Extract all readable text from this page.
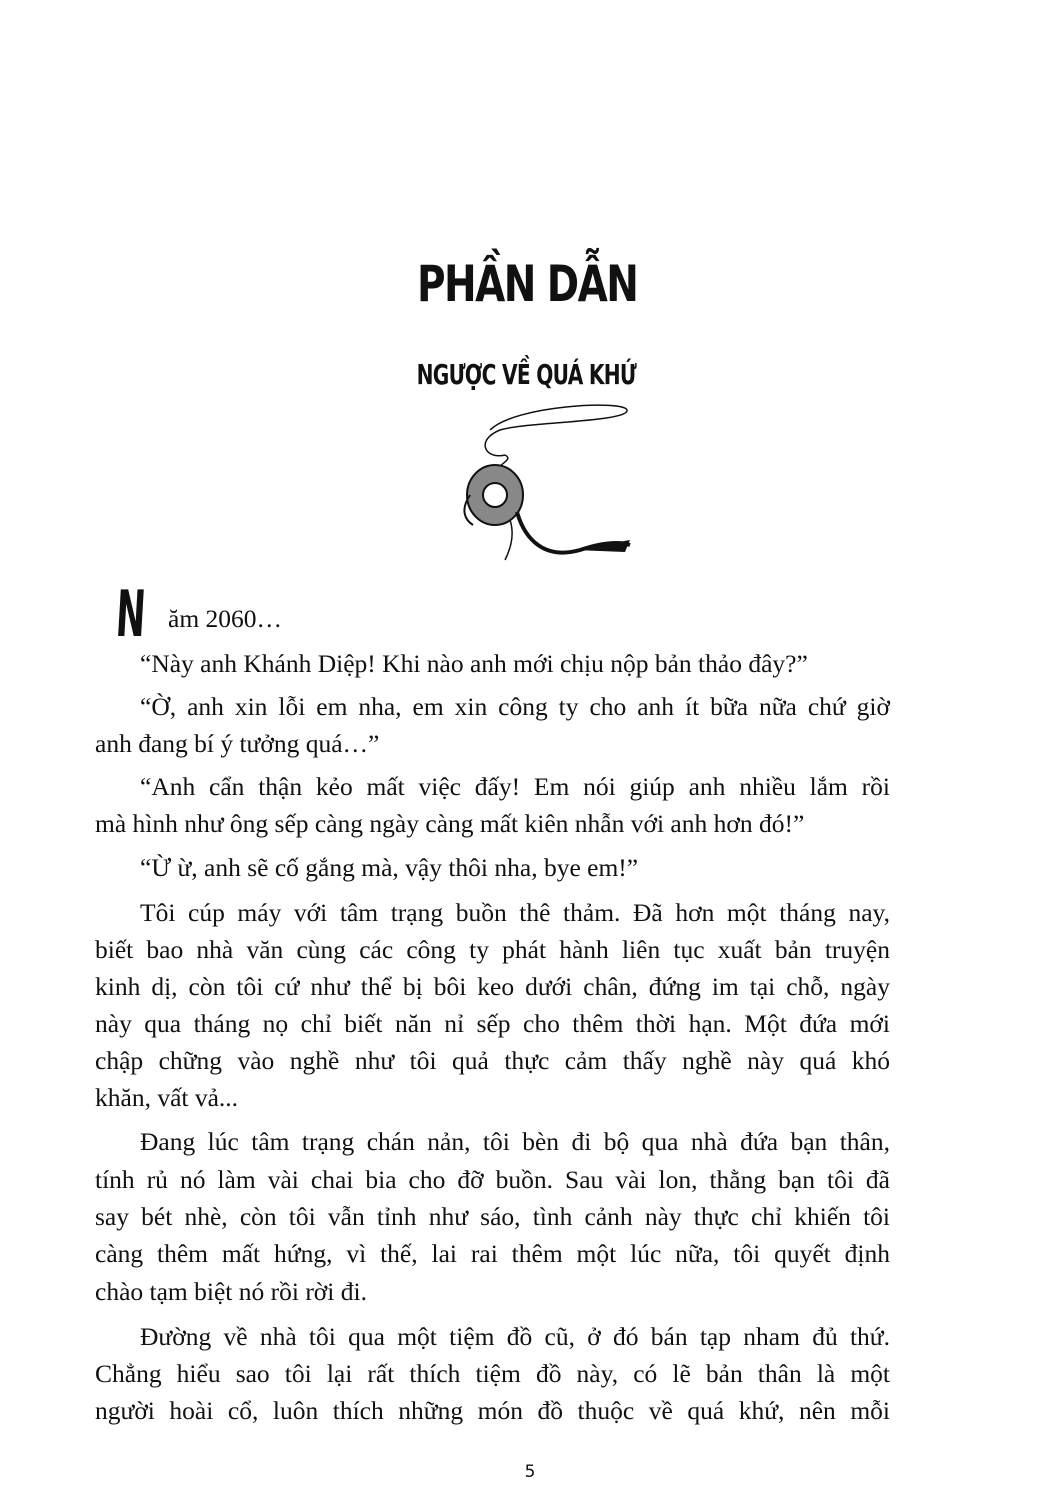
PHẦN DẪN
NGƯỢC VỀ QUÁ KHỨ
N ăm 2060…
“Này anh Khánh Diệp! Khi nào anh mới chịu nộp bản thảo đây?”
“Ờ, anh xin lỗi em nha, em xin công ty cho anh ít bữa nữa chứ giờ
anh đang bí ý tưởng quá…”
“Anh cẩn thận kẻo mất việc đấy! Em nói giúp anh nhiều lắm rồi
mà hình như ông sếp càng ngày càng mất kiên nhẫn với anh hơn đó!”
“Ừ ừ, anh sẽ cố gắng mà, vậy thôi nha, bye em!”
Tôi cúp máy với tâm trạng buồn thê thảm. Đã hơn một tháng nay,
biết bao nhà văn cùng các công ty phát hành liên tục xuất bản truyện
kinh dị, còn tôi cứ như thể bị bôi keo dưới chân, đứng im tại chỗ, ngày
này qua tháng nọ chỉ biết năn nỉ sếp cho thêm thời hạn. Một đứa mới
chập chững vào nghề như tôi quả thực cảm thấy nghề này quá khó
khăn, vất vả...
Đang lúc tâm trạng chán nản, tôi bèn đi bộ qua nhà đứa bạn thân,
tính rủ nó làm vài chai bia cho đỡ buồn. Sau vài lon, thằng bạn tôi đã
say bét nhè, còn tôi vẫn tỉnh như sáo, tình cảnh này thực chỉ khiến tôi
càng thêm mất hứng, vì thế, lai rai thêm một lúc nữa, tôi quyết định
chào tạm biệt nó rồi rời đi.
Đường về nhà tôi qua một tiệm đồ cũ, ở đó bán tạp nham đủ thứ.
Chẳng hiểu sao tôi lại rất thích tiệm đồ này, có lẽ bản thân là một
người hoài cổ, luôn thích những món đồ thuộc về quá khứ, nên mỗi
5
